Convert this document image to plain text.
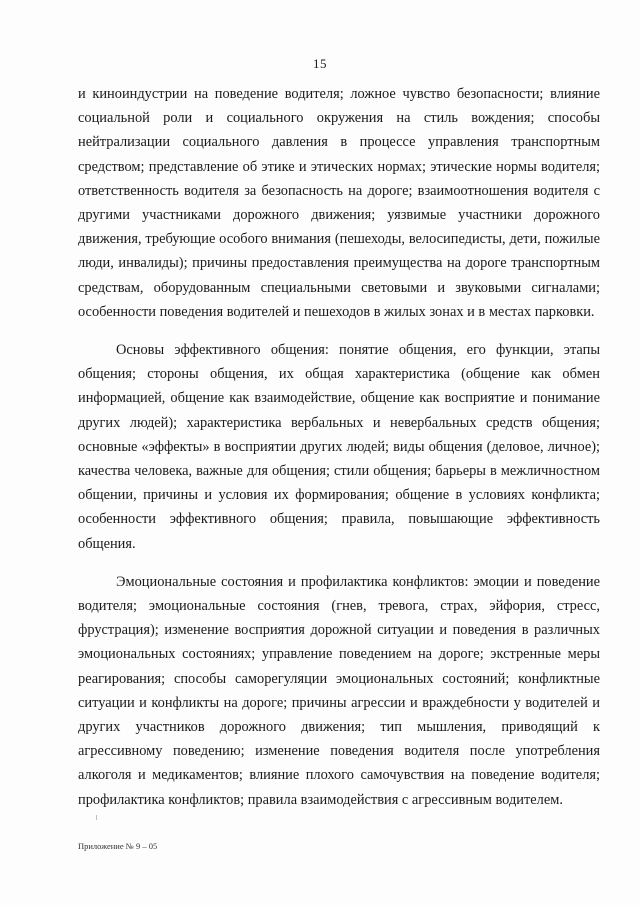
15

и киноиндустрии на поведение водителя; ложное чувство безопасности; влияние социальной роли и социального окружения на стиль вождения; способы нейтрализации социального давления в процессе управления транспортным средством; представление об этике и этических нормах; этические нормы водителя; ответственность водителя за безопасность на дороге; взаимоотношения водителя с другими участниками дорожного движения; уязвимые участники дорожного движения, требующие особого внимания (пешеходы, велосипедисты, дети, пожилые люди, инвалиды); причины предоставления преимущества на дороге транспортным средствам, оборудованным специальными световыми и звуковыми сигналами; особенности поведения водителей и пешеходов в жилых зонах и в местах парковки.

Основы эффективного общения: понятие общения, его функции, этапы общения; стороны общения, их общая характеристика (общение как обмен информацией, общение как взаимодействие, общение как восприятие и понимание других людей); характеристика вербальных и невербальных средств общения; основные «эффекты» в восприятии других людей; виды общения (деловое, личное); качества человека, важные для общения; стили общения; барьеры в межличностном общении, причины и условия их формирования; общение в условиях конфликта; особенности эффективного общения; правила, повышающие эффективность общения.

Эмоциональные состояния и профилактика конфликтов: эмоции и поведение водителя; эмоциональные состояния (гнев, тревога, страх, эйфория, стресс, фрустрация); изменение восприятия дорожной ситуации и поведения в различных эмоциональных состояниях; управление поведением на дороге; экстренные меры реагирования; способы саморегуляции эмоциональных состояний; конфликтные ситуации и конфликты на дороге; причины агрессии и враждебности у водителей и других участников дорожного движения; тип мышления, приводящий к агрессивному поведению; изменение поведения водителя после употребления алкоголя и медикаментов; влияние плохого самочувствия на поведение водителя; профилактика конфликтов; правила взаимодействия с агрессивным водителем.

Приложение № 9 – 05
